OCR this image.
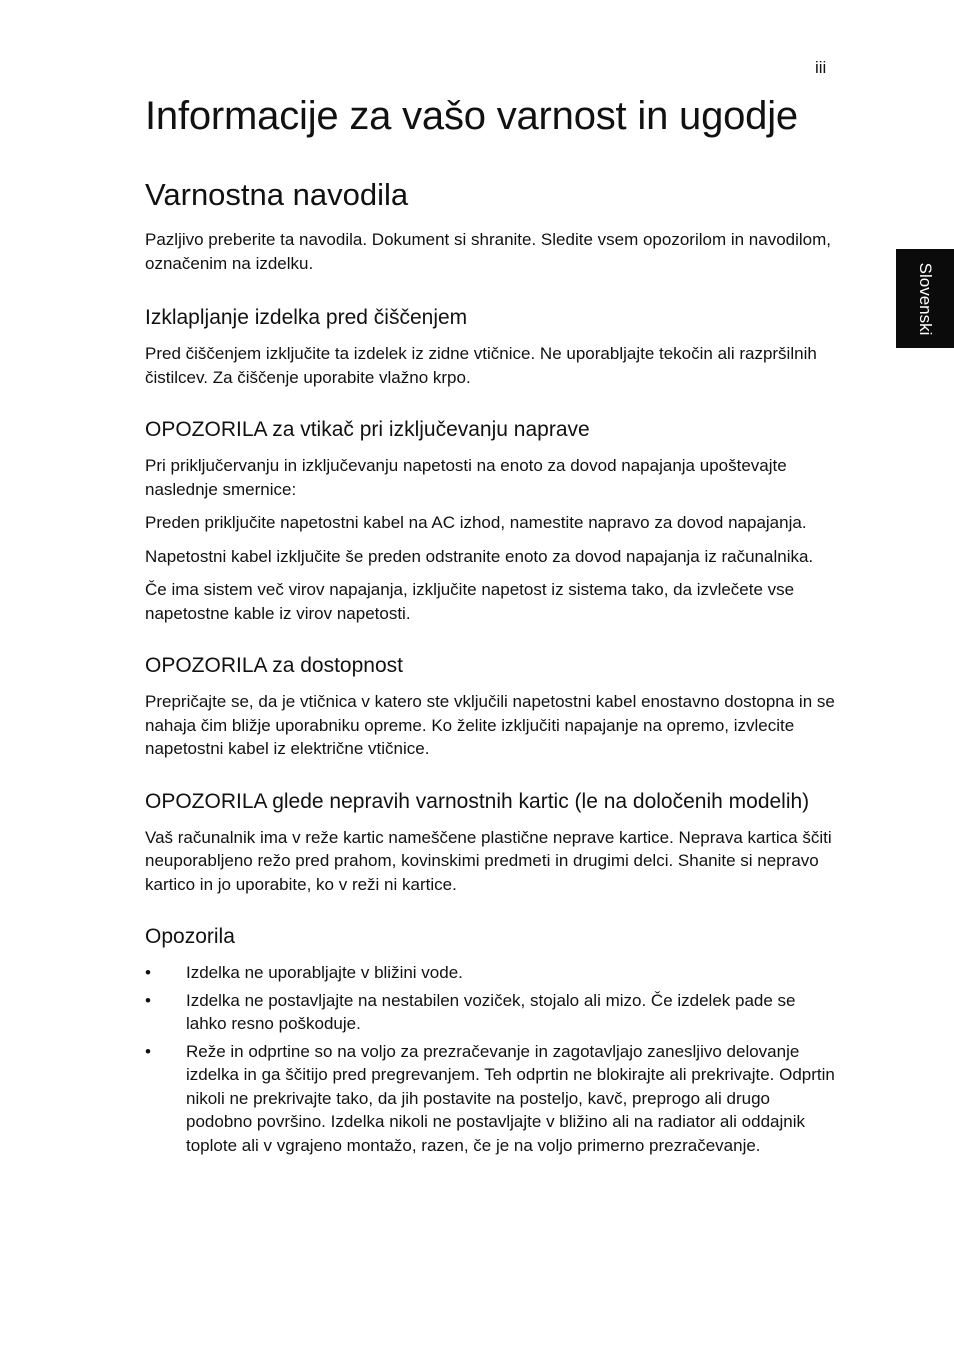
iii
Slovenski
Informacije za vašo varnost in ugodje
Varnostna navodila

Pazljivo preberite ta navodila. Dokument si shranite. Sledite vsem opozorilom in navodilom, označenim na izdelku.

Izklapljanje izdelka pred čiščenjem

Pred čiščenjem izključite ta izdelek iz zidne vtičnice. Ne uporabljajte tekočin ali razpršilnih čistilcev. Za čiščenje uporabite vlažno krpo.

OPOZORILA za vtikač pri izključevanju naprave

Pri priključervanju in izključevanju napetosti na enoto za dovod napajanja upoštevajte naslednje smernice:

Preden priključite napetostni kabel na AC izhod, namestite napravo za dovod napajanja.

Napetostni kabel izključite še preden odstranite enoto za dovod napajanja iz računalnika.

Če ima sistem več virov napajanja, izključite napetost iz sistema tako, da izvlečete vse napetostne kable iz virov napetosti.

OPOZORILA za dostopnost

Prepričajte se, da je vtičnica v katero ste vključili napetostni kabel enostavno dostopna in se nahaja čim bližje uporabniku opreme. Ko želite izključiti napajanje na opremo, izvlecite napetostni kabel iz električne vtičnice.

OPOZORILA glede nepravih varnostnih kartic (le na določenih modelih)

Vaš računalnik ima v reže kartic nameščene plastične neprave kartice. Neprava kartica ščiti neuporabljeno režo pred prahom, kovinskimi predmeti in drugimi delci. Shanite si nepravo kartico in jo uporabite, ko v reži ni kartice.

Opozorila
• Izdelka ne uporabljajte v bližini vode.
• Izdelka ne postavljajte na nestabilen voziček, stojalo ali mizo. Če izdelek pade se lahko resno poškoduje.
• Reže in odprtine so na voljo za prezračevanje in zagotavljajo zanesljivo delovanje izdelka in ga ščitijo pred pregrevanjem. Teh odprtin ne blokirajte ali prekrivajte. Odprtin nikoli ne prekrivajte tako, da jih postavite na posteljo, kavč, preprogo ali drugo podobno površino. Izdelka nikoli ne postavljajte v bližino ali na radiator ali oddajnik toplote ali v vgrajeno montažo, razen, če je na voljo primerno prezračevanje.
